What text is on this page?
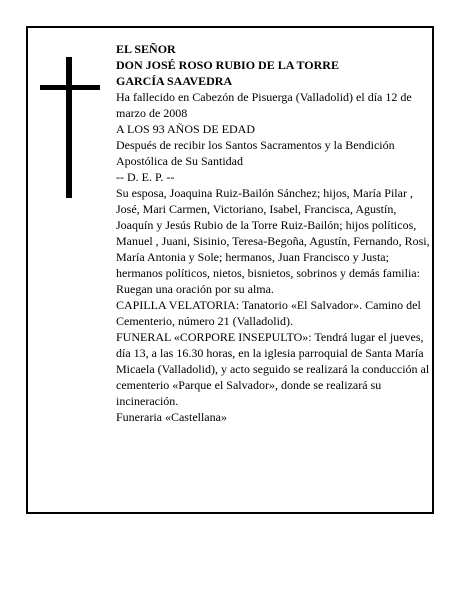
EL SEÑOR

DON JOSÉ ROSO RUBIO DE LA TORRE

GARCÍA SAAVEDRA

Ha fallecido en Cabezón de Pisuerga (Valladolid) el día 12 de marzo de 2008

A LOS 93 AÑOS DE EDAD

Después de recibir los Santos Sacramentos y la Bendición Apostólica de Su Santidad

-- D. E. P. --

Su esposa, Joaquina Ruiz-Bailón Sánchez; hijos, María Pilar , José, Mari Carmen, Victoriano, Isabel, Francisca, Agustín, Joaquín y Jesús Rubio de la Torre Ruiz-Bailón; hijos políticos, Manuel , Juani, Sisinio, Teresa-Begoña, Agustín, Fernando, Rosi, María Antonia y Sole; hermanos, Juan Francisco y Justa; hermanos políticos, nietos, bisnietos, sobrinos y demás familia:

Ruegan una oración por su alma.

CAPILLA VELATORIA: Tanatorio «El Salvador». Camino del Cementerio, número 21 (Valladolid).

FUNERAL «CORPORE INSEPULTO»: Tendrá lugar el jueves, día 13, a las 16.30 horas, en la iglesia parroquial de Santa María Micaela (Valladolid), y acto seguido se realizará la conducción al cementerio «Parque el Salvador», donde se realizará su incineración.

Funeraria «Castellana»
